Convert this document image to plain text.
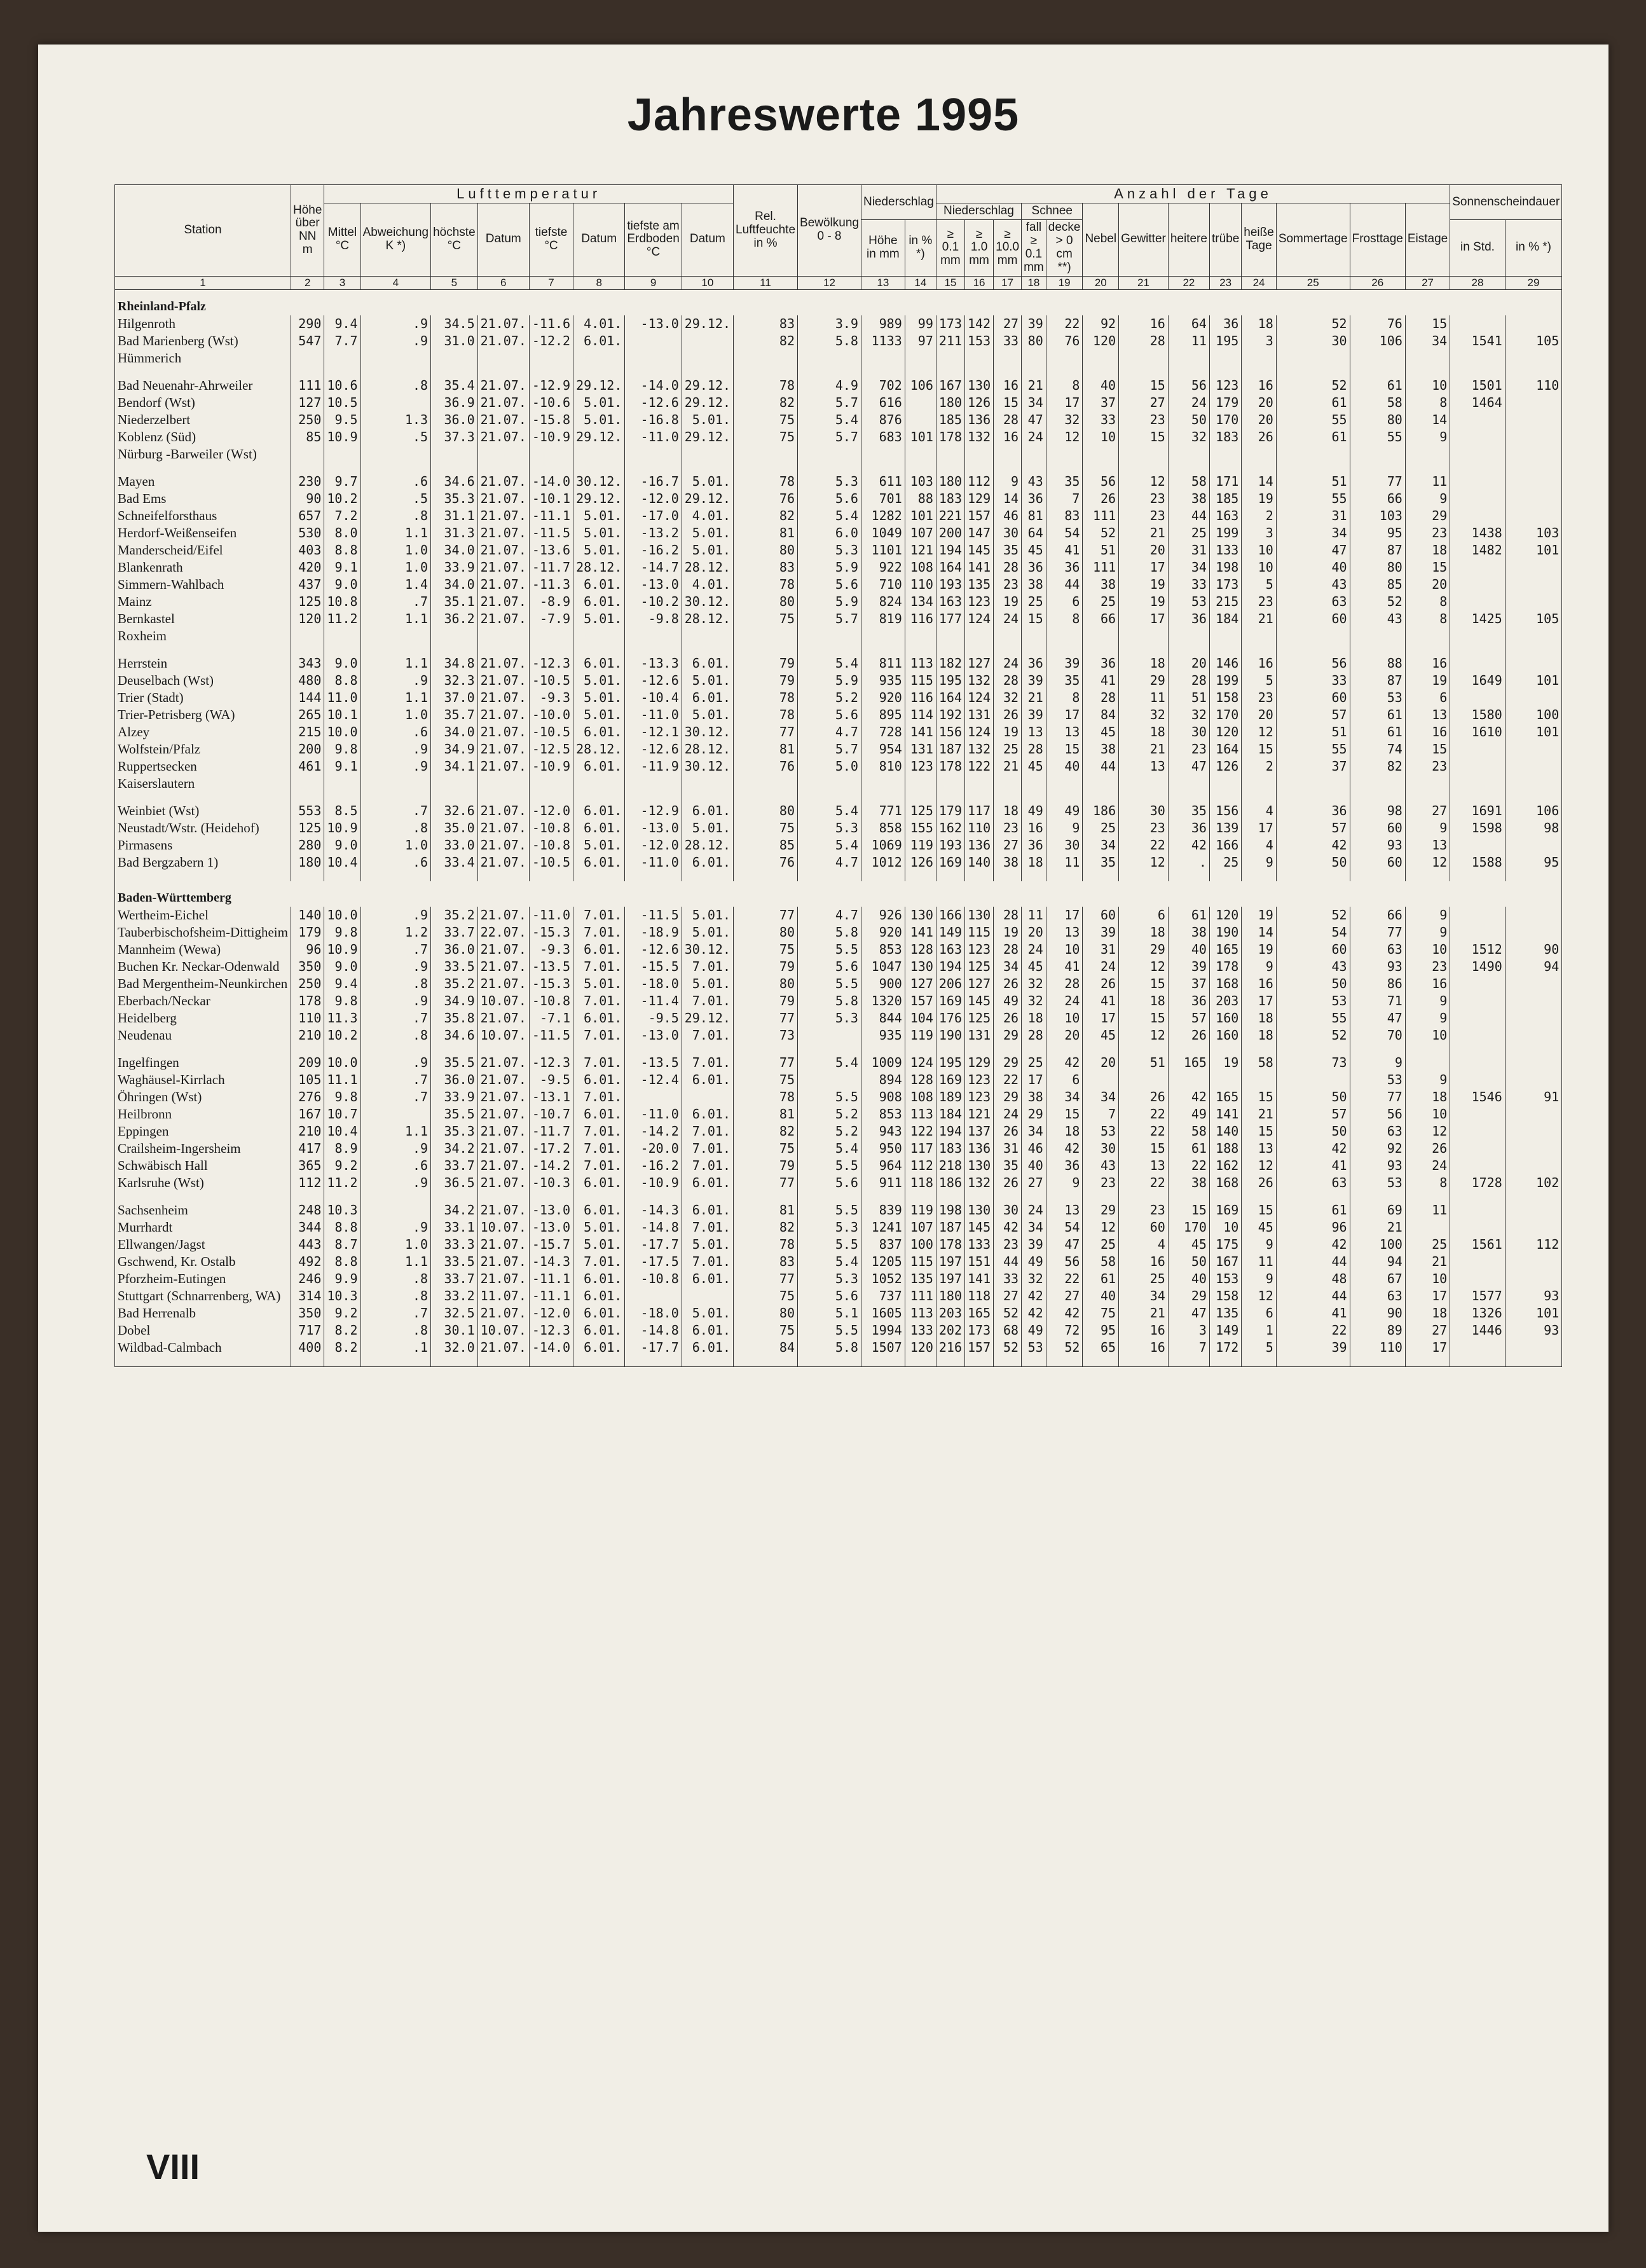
Jahreswerte 1995
Station	Höhe über NN m	Lufttemperatur								Rel. Luftfeuchte in %	Bewölkung 0 - 8	Niederschlag		Anzahl der Tage													Sonnenscheindauer	
		Mittel °C	Abweichung K *)	höchste °C	Datum	tiefste °C	Datum	tiefste am Erdboden °C	Datum					Niederschlag			Schnee		Nebel	Gewitter	heitere	trübe	heiße Tage	Sommertage	Frosttage	Eistage		
												Höhe in mm	in % *)	≥ 0.1 mm	≥ 1.0 mm	≥ 10.0 mm	fall ≥ 0.1 mm	decke > 0 cm **)										
																											in Std.	in % *)
1	2	3	4	5	6	7	8	9	10	11	12	13	14	15	16	17	18	19	20	21	22	23	24	25	26	27	28	29
Rheinland-Pfalz																												
Hilgenroth	290	9.4	.9	34.5	21.07.	-11.6	4.01.	-13.0	29.12.	83	3.9	989	99	173	142	27	39	22	92	16	64	36	18	52	76	15		
Bad Marienberg (Wst)	547	7.7	.9	31.0	21.07.	-12.2	6.01.			82	5.8	1133	97	211	153	33	80	76	120	28	11	195	3	30	106	34	1541	105
Hümmerich																												

Bad Neuenahr-Ahrweiler	111	10.6	.8	35.4	21.07.	-12.9	29.12.	-14.0	29.12.	78	4.9	702	106	167	130	16	21	8	40	15	56	123	16	52	61	10	1501	110
Bendorf (Wst)	127	10.5		36.9	21.07.	-10.6	5.01.	-12.6	29.12.	82	5.7	616		180	126	15	34	17	37	27	24	179	20	61	58	8	1464	
Niederzelbert	250	9.5	1.3	36.0	21.07.	-15.8	5.01.	-16.8	5.01.	75	5.4	876		185	136	28	47	32	33	23	50	170	20	55	80	14		
Koblenz (Süd)	85	10.9	.5	37.3	21.07.	-10.9	29.12.	-11.0	29.12.	75	5.7	683	101	178	132	16	24	12	10	15	32	183	26	61	55	9		
Nürburg -Barweiler (Wst)																												

Mayen	230	9.7	.6	34.6	21.07.	-14.0	30.12.	-16.7	5.01.	78	5.3	611	103	180	112	9	43	35	56	12	58	171	14	51	77	11		
Bad Ems	90	10.2	.5	35.3	21.07.	-10.1	29.12.	-12.0	29.12.	76	5.6	701	88	183	129	14	36	7	26	23	38	185	19	55	66	9		
Schneifelforsthaus	657	7.2	.8	31.1	21.07.	-11.1	5.01.	-17.0	4.01.	82	5.4	1282	101	221	157	46	81	83	111	23	44	163	2	31	103	29		
Herdorf-Weißenseifen	530	8.0	1.1	31.3	21.07.	-11.5	5.01.	-13.2	5.01.	81	6.0	1049	107	200	147	30	64	54	52	21	25	199	3	34	95	23	1438	103
Manderscheid/Eifel	403	8.8	1.0	34.0	21.07.	-13.6	5.01.	-16.2	5.01.	80	5.3	1101	121	194	145	35	45	41	51	20	31	133	10	47	87	18	1482	101
Blankenrath	420	9.1	1.0	33.9	21.07.	-11.7	28.12.	-14.7	28.12.	83	5.9	922	108	164	141	28	36	36	111	17	34	198	10	40	80	15		
Simmern-Wahlbach	437	9.0	1.4	34.0	21.07.	-11.3	6.01.	-13.0	4.01.	78	5.6	710	110	193	135	23	38	44	38	19	33	173	5	43	85	20		
Mainz	125	10.8	.7	35.1	21.07.	-8.9	6.01.	-10.2	30.12.	80	5.9	824	134	163	123	19	25	6	25	19	53	215	23	63	52	8		
Bernkastel	120	11.2	1.1	36.2	21.07.	-7.9	5.01.	-9.8	28.12.	75	5.7	819	116	177	124	24	15	8	66	17	36	184	21	60	43	8	1425	105
Roxheim																												

Herrstein	343	9.0	1.1	34.8	21.07.	-12.3	6.01.	-13.3	6.01.	79	5.4	811	113	182	127	24	36	39	36	18	20	146	16	56	88	16		
Deuselbach (Wst)	480	8.8	.9	32.3	21.07.	-10.5	5.01.	-12.6	5.01.	79	5.9	935	115	195	132	28	39	35	41	29	28	199	5	33	87	19	1649	101
Trier (Stadt)	144	11.0	1.1	37.0	21.07.	-9.3	5.01.	-10.4	6.01.	78	5.2	920	116	164	124	32	21	8	28	11	51	158	23	60	53	6		
Trier-Petrisberg (WA)	265	10.1	1.0	35.7	21.07.	-10.0	5.01.	-11.0	5.01.	78	5.6	895	114	192	131	26	39	17	84	32	32	170	20	57	61	13	1580	100
Alzey	215	10.0	.6	34.0	21.07.	-10.5	6.01.	-12.1	30.12.	77	4.7	728	141	156	124	19	13	13	45	18	30	120	12	51	61	16	1610	101
Wolfstein/Pfalz	200	9.8	.9	34.9	21.07.	-12.5	28.12.	-12.6	28.12.	81	5.7	954	131	187	132	25	28	15	38	21	23	164	15	55	74	15		
Ruppertsecken	461	9.1	.9	34.1	21.07.	-10.9	6.01.	-11.9	30.12.	76	5.0	810	123	178	122	21	45	40	44	13	47	126	2	37	82	23		
Kaiserslautern																												

Weinbiet (Wst)	553	8.5	.7	32.6	21.07.	-12.0	6.01.	-12.9	6.01.	80	5.4	771	125	179	117	18	49	49	186	30	35	156	4	36	98	27	1691	106
Neustadt/Wstr. (Heidehof)	125	10.9	.8	35.0	21.07.	-10.8	6.01.	-13.0	5.01.	75	5.3	858	155	162	110	23	16	9	25	23	36	139	17	57	60	9	1598	98
Pirmasens	280	9.0	1.0	33.0	21.07.	-10.8	5.01.	-12.0	28.12.	85	5.4	1069	119	193	136	27	36	30	34	22	42	166	4	42	93	13		
Bad Bergzabern 1)	180	10.4	.6	33.4	21.07.	-10.5	6.01.	-11.0	6.01.	76	4.7	1012	126	169	140	38	18	11	35	12	.	25	9	50	60	12	1588	95

Baden-Württemberg																												
Wertheim-Eichel	140	10.0	.9	35.2	21.07.	-11.0	7.01.	-11.5	5.01.	77	4.7	926	130	166	130	28	11	17	60	6	61	120	19	52	66	9		
Tauberbischofsheim-Dittigheim	179	9.8	1.2	33.7	22.07.	-15.3	7.01.	-18.9	5.01.	80	5.8	920	141	149	115	19	20	13	39	18	38	190	14	54	77	9		
Mannheim (Wewa)	96	10.9	.7	36.0	21.07.	-9.3	6.01.	-12.6	30.12.	75	5.5	853	128	163	123	28	24	10	31	29	40	165	19	60	63	10	1512	90
Buchen Kr. Neckar-Odenwald	350	9.0	.9	33.5	21.07.	-13.5	7.01.	-15.5	7.01.	79	5.6	1047	130	194	125	34	45	41	24	12	39	178	9	43	93	23	1490	94
Bad Mergentheim-Neunkirchen	250	9.4	.8	35.2	21.07.	-15.3	5.01.	-18.0	5.01.	80	5.5	900	127	206	127	26	32	28	26	15	37	168	16	50	86	16		
Eberbach/Neckar	178	9.8	.9	34.9	10.07.	-10.8	7.01.	-11.4	7.01.	79	5.8	1320	157	169	145	49	32	24	41	18	36	203	17	53	71	9		
Heidelberg	110	11.3	.7	35.8	21.07.	-7.1	6.01.	-9.5	29.12.	77	5.3	844	104	176	125	26	18	10	17	15	57	160	18	55	47	9		
Neudenau	210	10.2	.8	34.6	10.07.	-11.5	7.01.	-13.0	7.01.	73		935	119	190	131	29	28	20	45	12	26	160	18	52	70	10		

Ingelfingen	209	10.0	.9	35.5	21.07.	-12.3	7.01.	-13.5	7.01.	77	5.4	1009	124	195	129	29	25	42	20	51	165	19	58	73	9			
Waghäusel-Kirrlach	105	11.1	.7	36.0	21.07.	-9.5	6.01.	-12.4	6.01.	75		894	128	169	123	22	17	6							53	9		
Öhringen (Wst)	276	9.8	.7	33.9	21.07.	-13.1	7.01.			78	5.5	908	108	189	123	29	38	34	34	26	42	165	15	50	77	18	1546	91
Heilbronn	167	10.7		35.5	21.07.	-10.7	6.01.	-11.0	6.01.	81	5.2	853	113	184	121	24	29	15	7	22	49	141	21	57	56	10		
Eppingen	210	10.4	1.1	35.3	21.07.	-11.7	7.01.	-14.2	7.01.	82	5.2	943	122	194	137	26	34	18	53	22	58	140	15	50	63	12		
Crailsheim-Ingersheim	417	8.9	.9	34.2	21.07.	-17.2	7.01.	-20.0	7.01.	75	5.4	950	117	183	136	31	46	42	30	15	61	188	13	42	92	26		
Schwäbisch Hall	365	9.2	.6	33.7	21.07.	-14.2	7.01.	-16.2	7.01.	79	5.5	964	112	218	130	35	40	36	43	13	22	162	12	41	93	24		
Karlsruhe (Wst)	112	11.2	.9	36.5	21.07.	-10.3	6.01.	-10.9	6.01.	77	5.6	911	118	186	132	26	27	9	23	22	38	168	26	63	53	8	1728	102

Sachsenheim	248	10.3		34.2	21.07.	-13.0	6.01.	-14.3	6.01.	81	5.5	839	119	198	130	30	24	13	29	23	15	169	15	61	69	11		
Murrhardt	344	8.8	.9	33.1	10.07.	-13.0	5.01.	-14.8	7.01.	82	5.3	1241	107	187	145	42	34	54	12	60	170	10	45	96	21			
Ellwangen/Jagst	443	8.7	1.0	33.3	21.07.	-15.7	5.01.	-17.7	5.01.	78	5.5	837	100	178	133	23	39	47	25	4	45	175	9	42	100	25	1561	112
Gschwend, Kr. Ostalb	492	8.8	1.1	33.5	21.07.	-14.3	7.01.	-17.5	7.01.	83	5.4	1205	115	197	151	44	49	56	58	16	50	167	11	44	94	21		
Pforzheim-Eutingen	246	9.9	.8	33.7	21.07.	-11.1	6.01.	-10.8	6.01.	77	5.3	1052	135	197	141	33	32	22	61	25	40	153	9	48	67	10		
Stuttgart (Schnarrenberg, WA)	314	10.3	.8	33.2	11.07.	-11.1	6.01.			75	5.6	737	111	180	118	27	42	27	40	34	29	158	12	44	63	17	1577	93
Bad Herrenalb	350	9.2	.7	32.5	21.07.	-12.0	6.01.	-18.0	5.01.	80	5.1	1605	113	203	165	52	42	42	75	21	47	135	6	41	90	18	1326	101
Dobel	717	8.2	.8	30.1	10.07.	-12.3	6.01.	-14.8	6.01.	75	5.5	1994	133	202	173	68	49	72	95	16	3	149	1	22	89	27	1446	93
Wildbad-Calmbach	400	8.2	.1	32.0	21.07.	-14.0	6.01.	-17.7	6.01.	84	5.8	1507	120	216	157	52	53	52	65	16	7	172	5	39	110	17		

VIII
